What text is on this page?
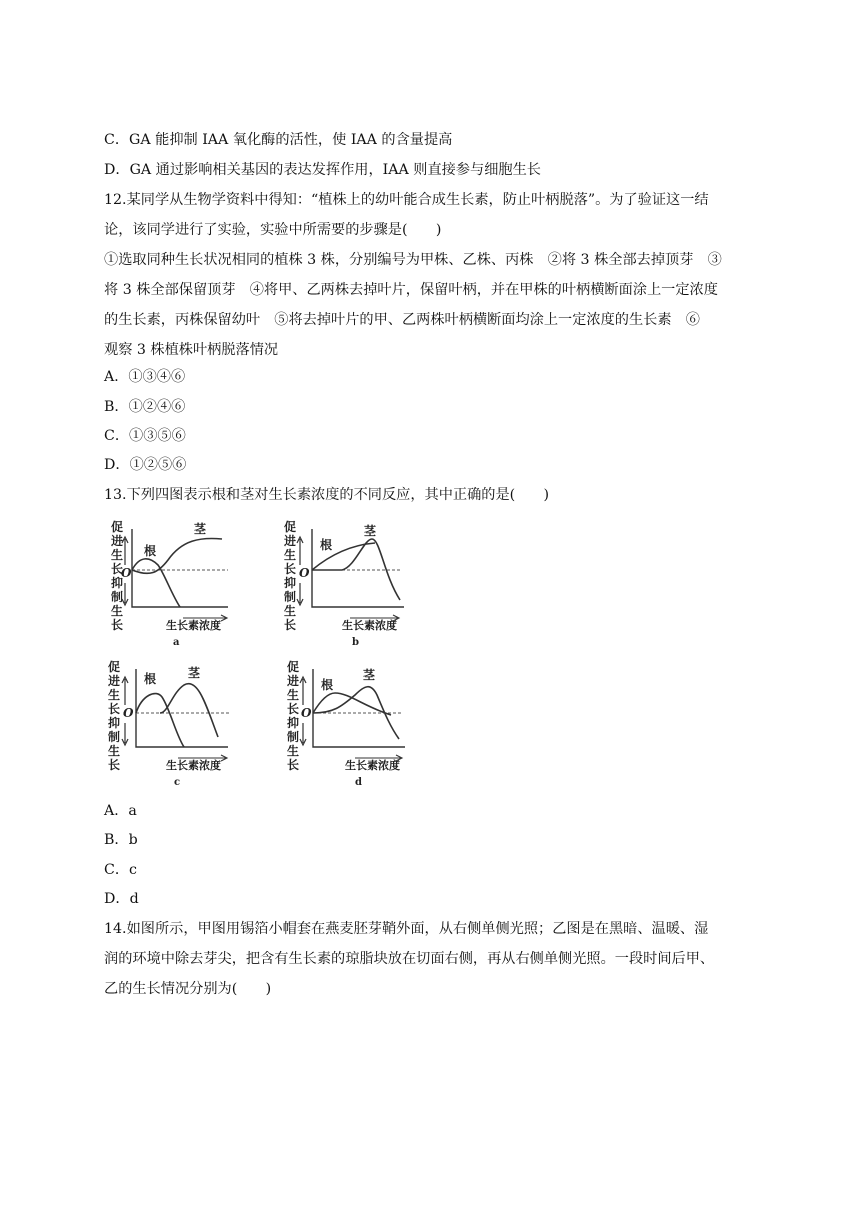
C．GA 能抑制 IAA 氧化酶的活性，使 IAA 的含量提高
D．GA 通过影响相关基因的表达发挥作用，IAA 则直接参与细胞生长
12.某同学从生物学资料中得知：“植株上的幼叶能合成生长素，防止叶柄脱落”。为了验证这一结
论，该同学进行了实验，实验中所需要的步骤是(　　)
①选取同种生长状况相同的植株 3 株，分别编号为甲株、乙株、丙株　②将 3 株全部去掉顶芽　③
将 3 株全部保留顶芽　④将甲、乙两株去掉叶片，保留叶柄，并在甲株的叶柄横断面涂上一定浓度
的生长素，丙株保留幼叶　⑤将去掉叶片的甲、乙两株叶柄横断面均涂上一定浓度的生长素　⑥
观察 3 株植株叶柄脱落情况
A．①③④⑥
B．①②④⑥
C．①③⑤⑥
D．①②⑤⑥
13.下列四图表示根和茎对生长素浓度的不同反应，其中正确的是(　　)
促
进
生
长
抑
制
生
长
O
根
茎
生长素浓度
a
促
进
生
长
抑
制
生
长
O
根
茎
生长素浓度
b
促
进
生
长
抑
制
生
长
O
根	茎
生长素浓度
c
促
进
生
长
抑
制
生
长
O
根
茎
生长素浓度
d
A．a
B．b
C．c
D．d
14.如图所示，甲图用锡箔小帽套在燕麦胚芽鞘外面，从右侧单侧光照；乙图是在黑暗、温暖、湿
润的环境中除去芽尖，把含有生长素的琼脂块放在切面右侧，再从右侧单侧光照。一段时间后甲、
乙的生长情况分别为(　　)
